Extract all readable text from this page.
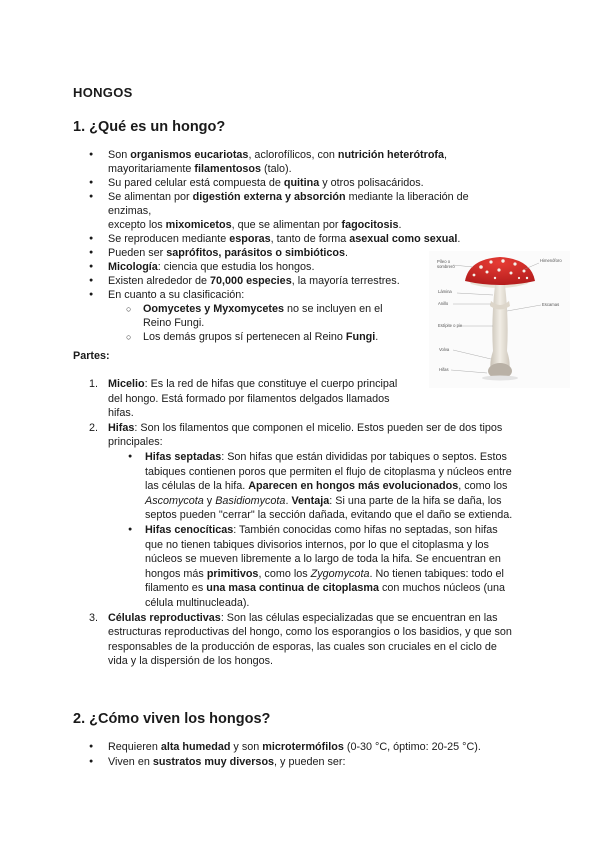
HONGOS
1. ¿Qué es un hongo?
● Son organismos eucariotas, aclorofílicos, con nutrición heterótrofa,
mayoritariamente filamentosos (talo).
● Su pared celular está compuesta de quitina y otros polisacáridos.
● Se alimentan por digestión externa y absorción mediante la liberación de enzimas,
excepto los mixomicetos, que se alimentan por fagocitosis.
● Se reproducen mediante esporas, tanto de forma asexual como sexual.
● Pueden ser saprófitos, parásitos o simbióticos.
● Micología: ciencia que estudia los hongos.
● Existen alrededor de 70,000 especies, la mayoría terrestres.
● En cuanto a su clasificación:
○ Oomycetes y Myxomycetes no se incluyen en el
Reino Fungi.
○ Los demás grupos sí pertenecen al Reino Fungi.
Píleo o
sombrero
Lámina
Anillo
Estípite o pie
Volva
Hifas
Himenóforo
Escamas
Partes:
1. Micelio: Es la red de hifas que constituye el cuerpo principal
del hongo. Está formado por filamentos delgados llamados
hifas.
2. Hifas: Son los filamentos que componen el micelio. Estos pueden ser de dos tipos
principales:
● Hifas septadas: Son hifas que están divididas por tabiques o septos. Estos
tabiques contienen poros que permiten el flujo de citoplasma y núcleos entre
las células de la hifa. Aparecen en hongos más evolucionados, como los
Ascomycota y Basidiomycota. Ventaja: Si una parte de la hifa se daña, los
septos pueden "cerrar" la sección dañada, evitando que el daño se extienda.
● Hifas cenocíticas: También conocidas como hifas no septadas, son hifas
que no tienen tabiques divisorios internos, por lo que el citoplasma y los
núcleos se mueven libremente a lo largo de toda la hifa. Se encuentran en
hongos más primitivos, como los Zygomycota. No tienen tabiques: todo el
filamento es una masa continua de citoplasma con muchos núcleos (una
célula multinucleada).
3. Células reproductivas: Son las células especializadas que se encuentran en las
estructuras reproductivas del hongo, como los esporangios o los basidios, y que son
responsables de la producción de esporas, las cuales son cruciales en el ciclo de
vida y la dispersión de los hongos.
2. ¿Cómo viven los hongos?
● Requieren alta humedad y son microtermófilos (0-30 °C, óptimo: 20-25 °C).
● Viven en sustratos muy diversos, y pueden ser:
